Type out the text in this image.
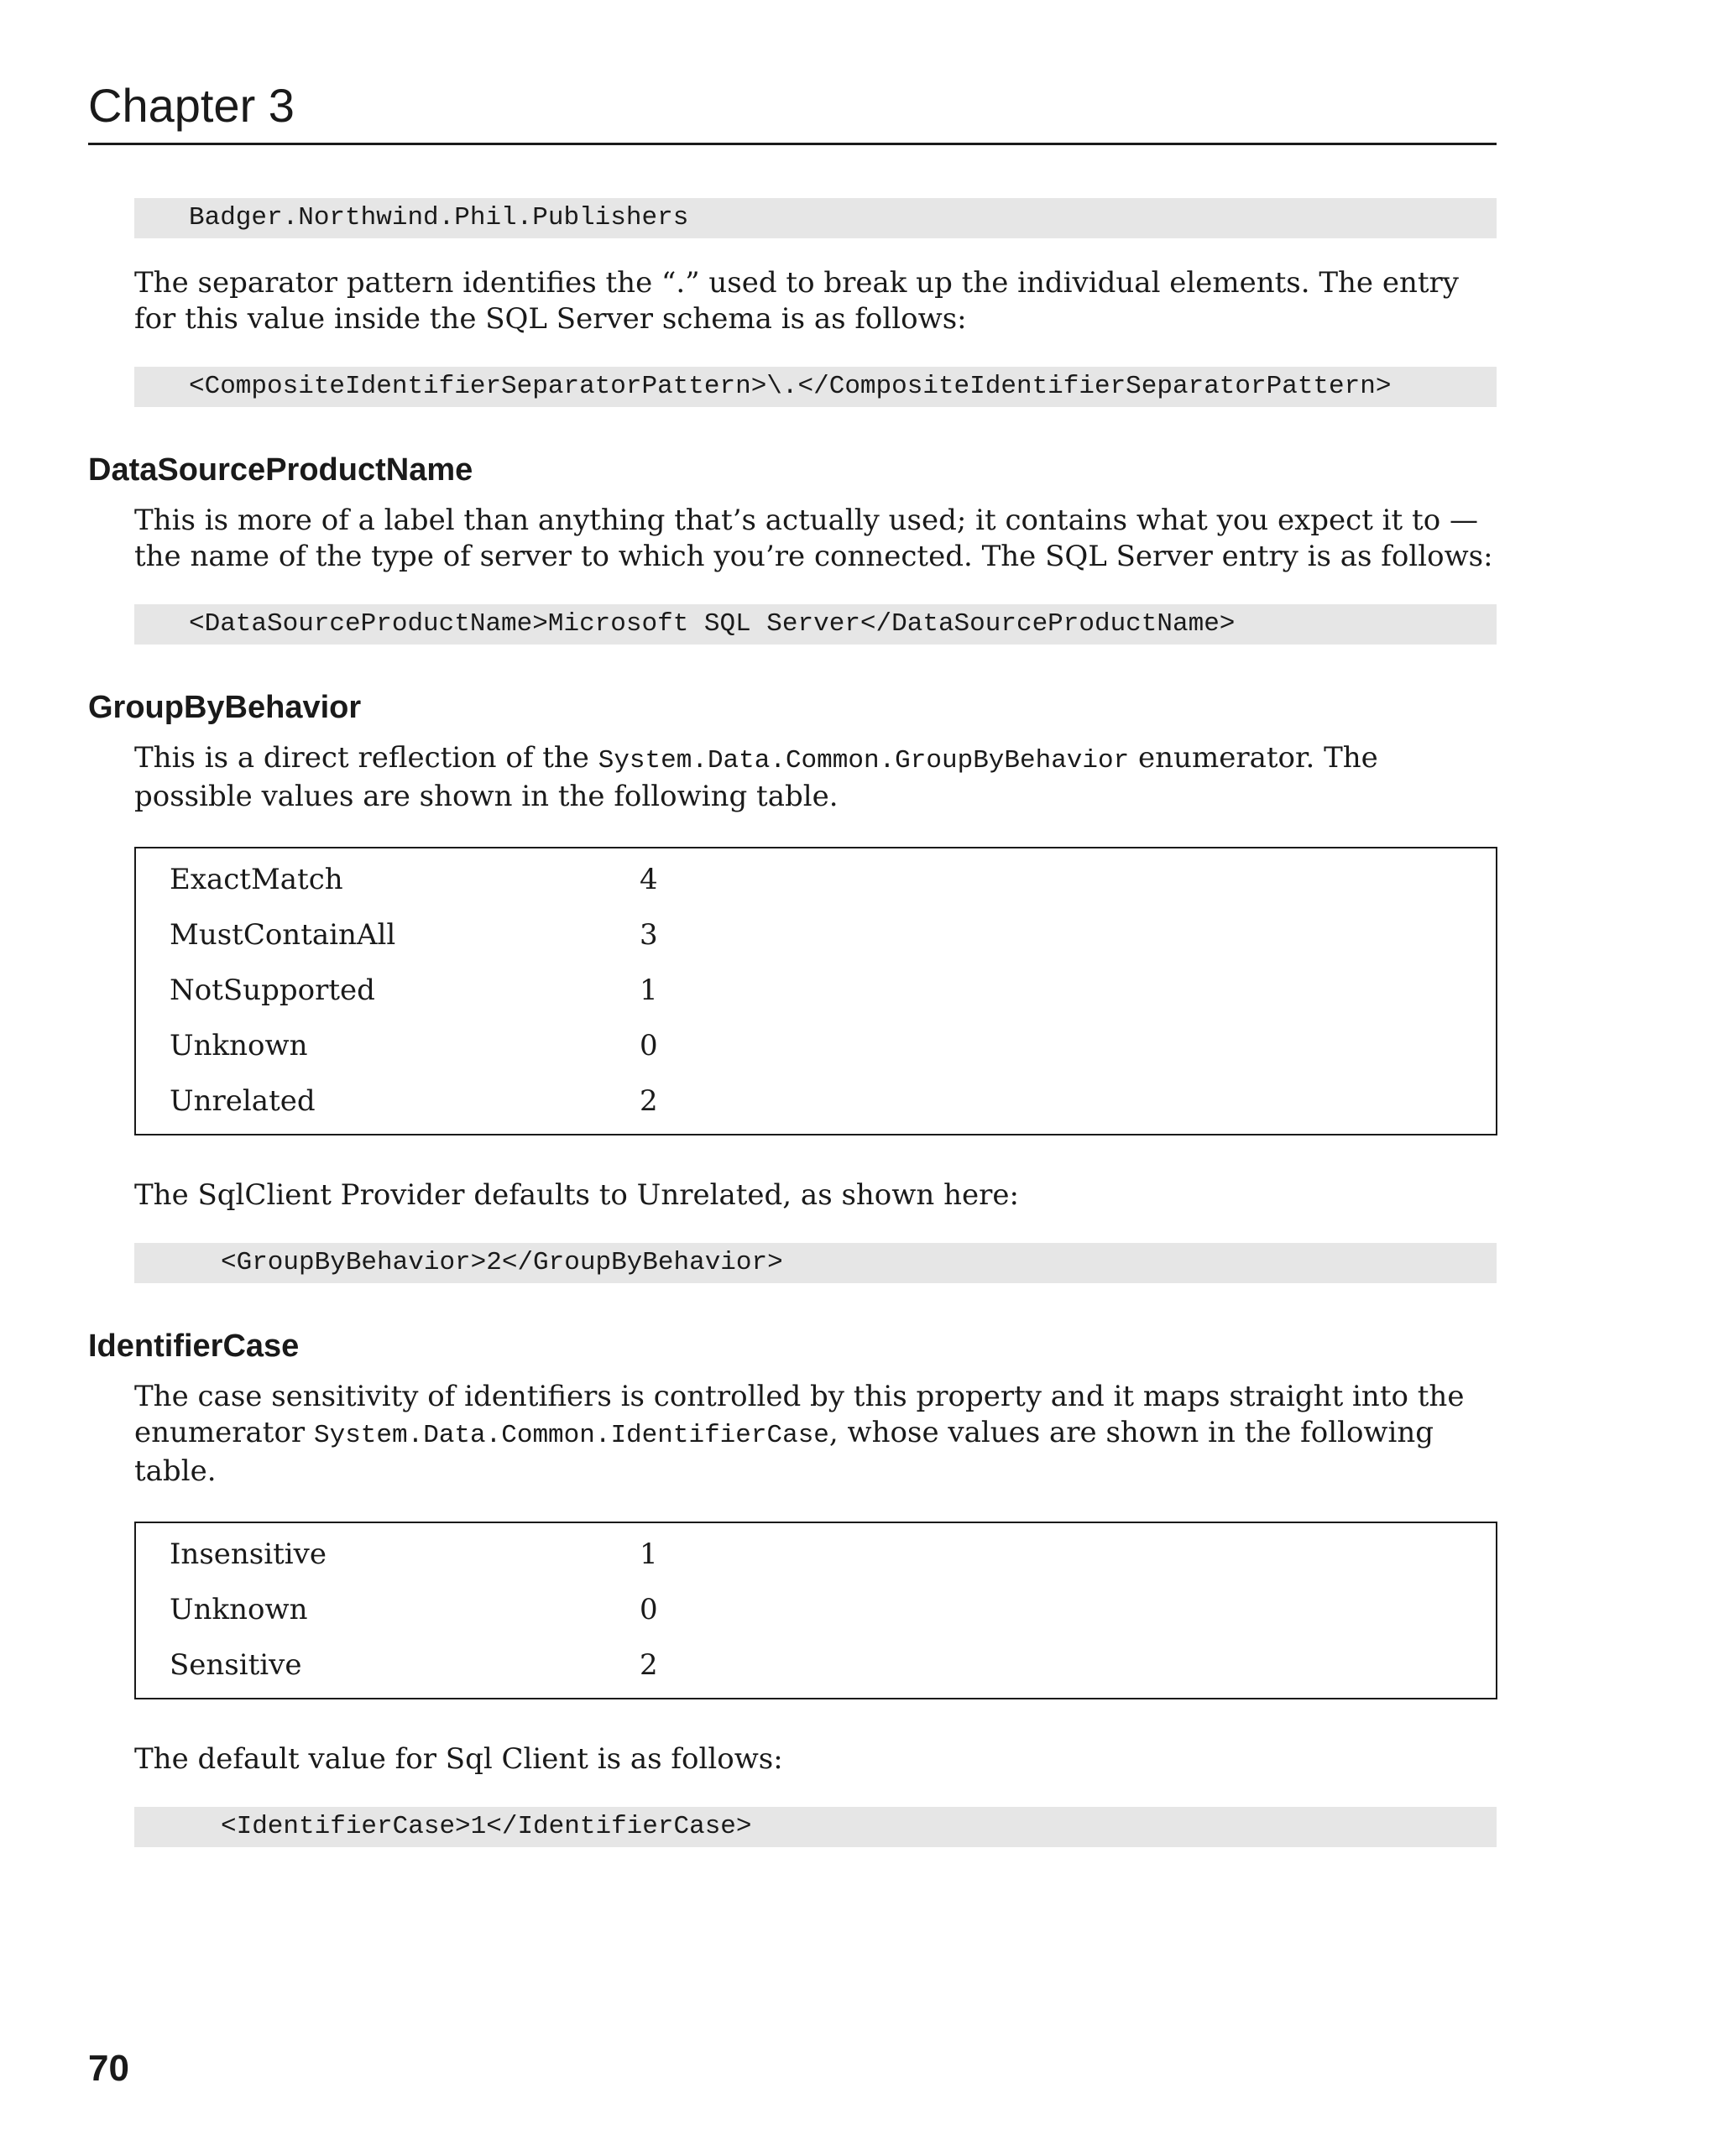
Chapter 3
Badger.Northwind.Phil.Publishers

The separator pattern identifies the “.” used to break up the individual elements. The entry for this value inside the SQL Server schema is as follows:

<CompositeIdentifierSeparatorPattern>\.</CompositeIdentifierSeparatorPattern>
DataSourceProductName

This is more of a label than anything that’s actually used; it contains what you expect it to — the name of the type of server to which you’re connected. The SQL Server entry is as follows:

<DataSourceProductName>Microsoft SQL Server</DataSourceProductName>
GroupByBehavior

This is a direct reflection of the System.Data.Common.GroupByBehavior enumerator. The possible values are shown in the following table.

ExactMatch	4
MustContainAll	3
NotSupported	1
Unknown	0
Unrelated	2

The SqlClient Provider defaults to Unrelated, as shown here:

<GroupByBehavior>2</GroupByBehavior>
IdentifierCase

The case sensitivity of identifiers is controlled by this property and it maps straight into the enumerator System.Data.Common.IdentifierCase, whose values are shown in the following table.

Insensitive	1
Unknown	0
Sensitive	2

The default value for Sql Client is as follows:

<IdentifierCase>1</IdentifierCase>
70
